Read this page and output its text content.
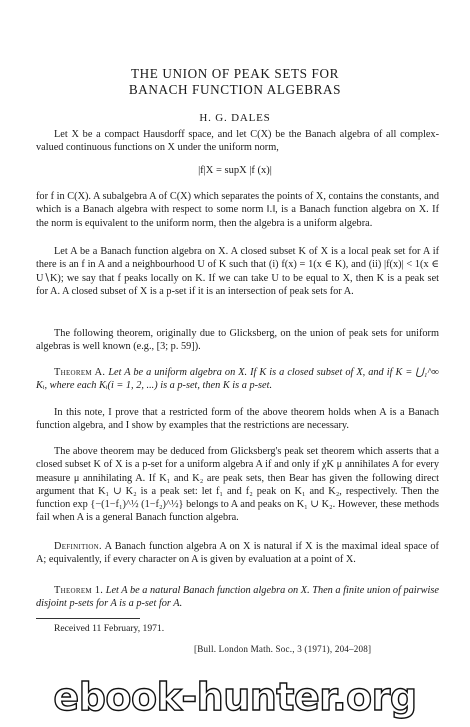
THE UNION OF PEAK SETS FOR
BANACH FUNCTION ALGEBRAS
H. G. DALES

Let X be a compact Hausdorff space, and let C(X) be the Banach algebra of all complex-valued continuous functions on X under the uniform norm,

|f|X = supX |f (x)|

for f in C(X). A subalgebra A of C(X) which separates the points of X, contains the constants, and which is a Banach algebra with respect to some norm ‖.‖, is a Banach function algebra on X. If the norm is equivalent to the uniform norm, then the algebra is a uniform algebra.

Let A be a Banach function algebra on X. A closed subset K of X is a local peak set for A if there is an f in A and a neighbourhood U of K such that (i) f(x) = 1(x ∈ K), and (ii) |f(x)| < 1(x ∈ U∖K); we say that f peaks locally on K. If we can take U to be equal to X, then K is a peak set for A. A closed subset of X is a p-set if it is an intersection of peak sets for A.

The following theorem, originally due to Glicksberg, on the union of peak sets for uniform algebras is well known (e.g., [3; p. 59]).

Theorem A. Let A be a uniform algebra on X. If K is a closed subset of X, and if K = ⋃₁^∞ Kᵢ, where each Kᵢ(i = 1, 2, ...) is a p-set, then K is a p-set.

In this note, I prove that a restricted form of the above theorem holds when A is a Banach function algebra, and I show by examples that the restrictions are necessary.

The above theorem may be deduced from Glicksberg's peak set theorem which asserts that a closed subset K of X is a p-set for a uniform algebra A if and only if χK μ annihilates A for every measure μ annihilating A. If K₁ and K₂ are peak sets, then Bear has given the following direct argument that K₁ ∪ K₂ is a peak set: let f₁ and f₂ peak on K₁ and K₂, respectively. Then the function exp {−(1−f₁)^½ (1−f₂)^½} belongs to A and peaks on K₁ ∪ K₂. However, these methods fail when A is a general Banach function algebra.

Definition. A Banach function algebra A on X is natural if X is the maximal ideal space of A; equivalently, if every character on A is given by evaluation at a point of X.

Theorem 1. Let A be a natural Banach function algebra on X. Then a finite union of pairwise disjoint p-sets for A is a p-set for A.

Received 11 February, 1971.
[Bull. London Math. Soc., 3 (1971), 204–208]
ebook-hunter.org
